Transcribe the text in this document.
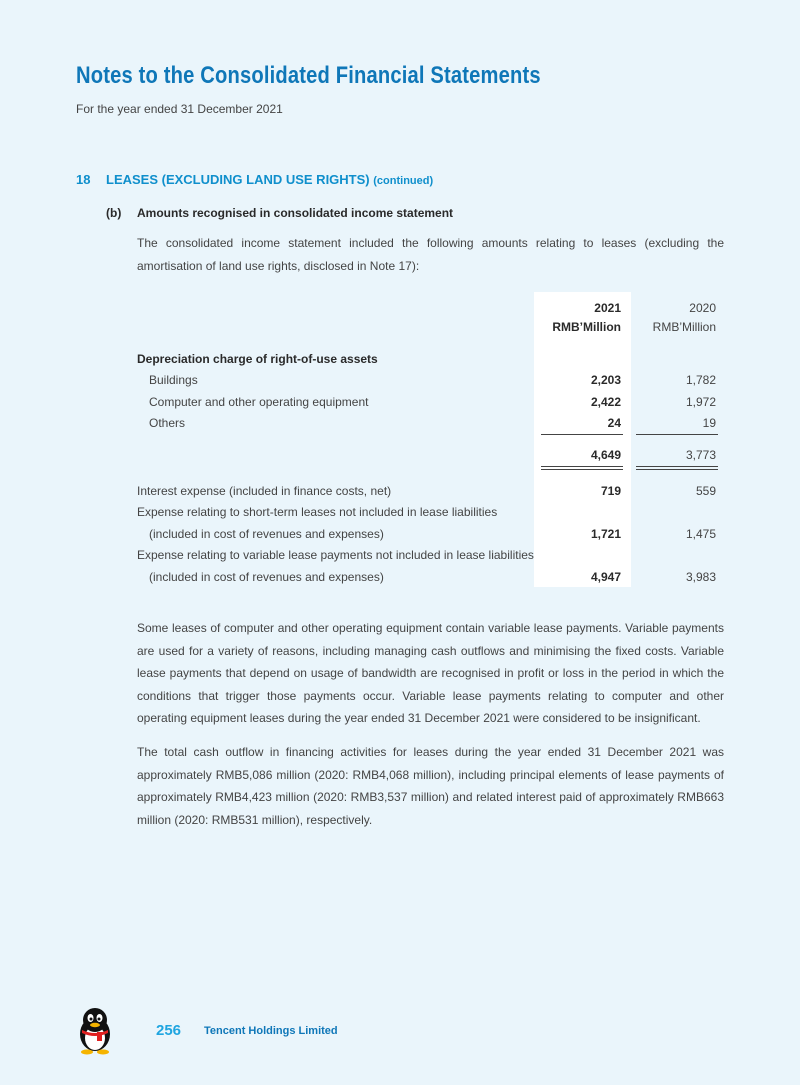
Notes to the Consolidated Financial Statements
For the year ended 31 December 2021
18 LEASES (EXCLUDING LAND USE RIGHTS) (continued)
(b) Amounts recognised in consolidated income statement
The consolidated income statement included the following amounts relating to leases (excluding the amortisation of land use rights, disclosed in Note 17):
2021	2020
RMB’Million	RMB’Million
Depreciation charge of right-of-use assets
Buildings	2,203	1,782
Computer and other operating equipment	2,422	1,972
Others	24	19
4,649	3,773
Interest expense (included in finance costs, net)	719	559
Expense relating to short-term leases not included in lease liabilities
(included in cost of revenues and expenses)	1,721	1,475
Expense relating to variable lease payments not included in lease liabilities
(included in cost of revenues and expenses)	4,947	3,983
Some leases of computer and other operating equipment contain variable lease payments. Variable payments are used for a variety of reasons, including managing cash outflows and minimising the fixed costs. Variable lease payments that depend on usage of bandwidth are recognised in profit or loss in the period in which the conditions that trigger those payments occur. Variable lease payments relating to computer and other operating equipment leases during the year ended 31 December 2021 were considered to be insignificant.
The total cash outflow in financing activities for leases during the year ended 31 December 2021 was approximately RMB5,086 million (2020: RMB4,068 million), including principal elements of lease payments of approximately RMB4,423 million (2020: RMB3,537 million) and related interest paid of approximately RMB663 million (2020: RMB531 million), respectively.
256 Tencent Holdings Limited
